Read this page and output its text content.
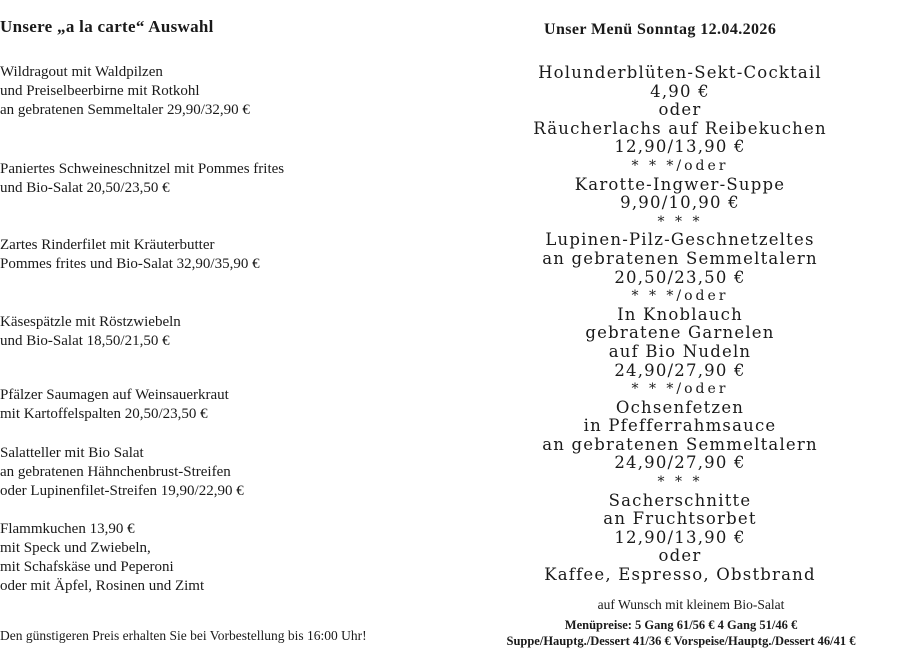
Unsere „a la carte“ Auswahl
Wildragout mit Waldpilzen
und Preiselbeerbirne mit Rotkohl
an gebratenen Semmeltaler 29,90/32,90 €
Paniertes Schweineschnitzel mit Pommes frites
und Bio-Salat 20,50/23,50 €
Zartes Rinderfilet mit Kräuterbutter
Pommes frites und Bio-Salat 32,90/35,90 €
Käsespätzle mit Röstzwiebeln
und Bio-Salat 18,50/21,50 €
Pfälzer Saumagen auf Weinsauerkraut
mit Kartoffelspalten 20,50/23,50 €
Salatteller mit Bio Salat
an gebratenen Hähnchenbrust-Streifen
oder Lupinenfilet-Streifen 19,90/22,90 €
Flammkuchen 13,90 €
mit Speck und Zwiebeln,
mit Schafskäse und Peperoni
oder mit Äpfel, Rosinen und Zimt
Den günstigeren Preis erhalten Sie bei Vorbestellung bis 16:00 Uhr!
Unser Menü Sonntag 12.04.2026
Holunderblüten-Sekt-Cocktail
4,90 €
oder
Räucherlachs auf Reibekuchen
12,90/13,90 €
* * */oder
Karotte-Ingwer-Suppe
9,90/10,90 €
* * *
Lupinen-Pilz-Geschnetzeltes
an gebratenen Semmeltalern
20,50/23,50 €
* * */oder
In Knoblauch
gebratene Garnelen
auf Bio Nudeln
24,90/27,90 €
* * */oder
Ochsenfetzen
in Pfefferrahmsauce
an gebratenen Semmeltalern
24,90/27,90 €
* * *
Sacherschnitte
an Fruchtsorbet
12,90/13,90 €
oder
Kaffee, Espresso, Obstbrand
auf Wunsch mit kleinem Bio-Salat
Menüpreise: 5 Gang 61/56 € 4 Gang 51/46 €
Suppe/Hauptg./Dessert 41/36 € Vorspeise/Hauptg./Dessert 46/41 €
